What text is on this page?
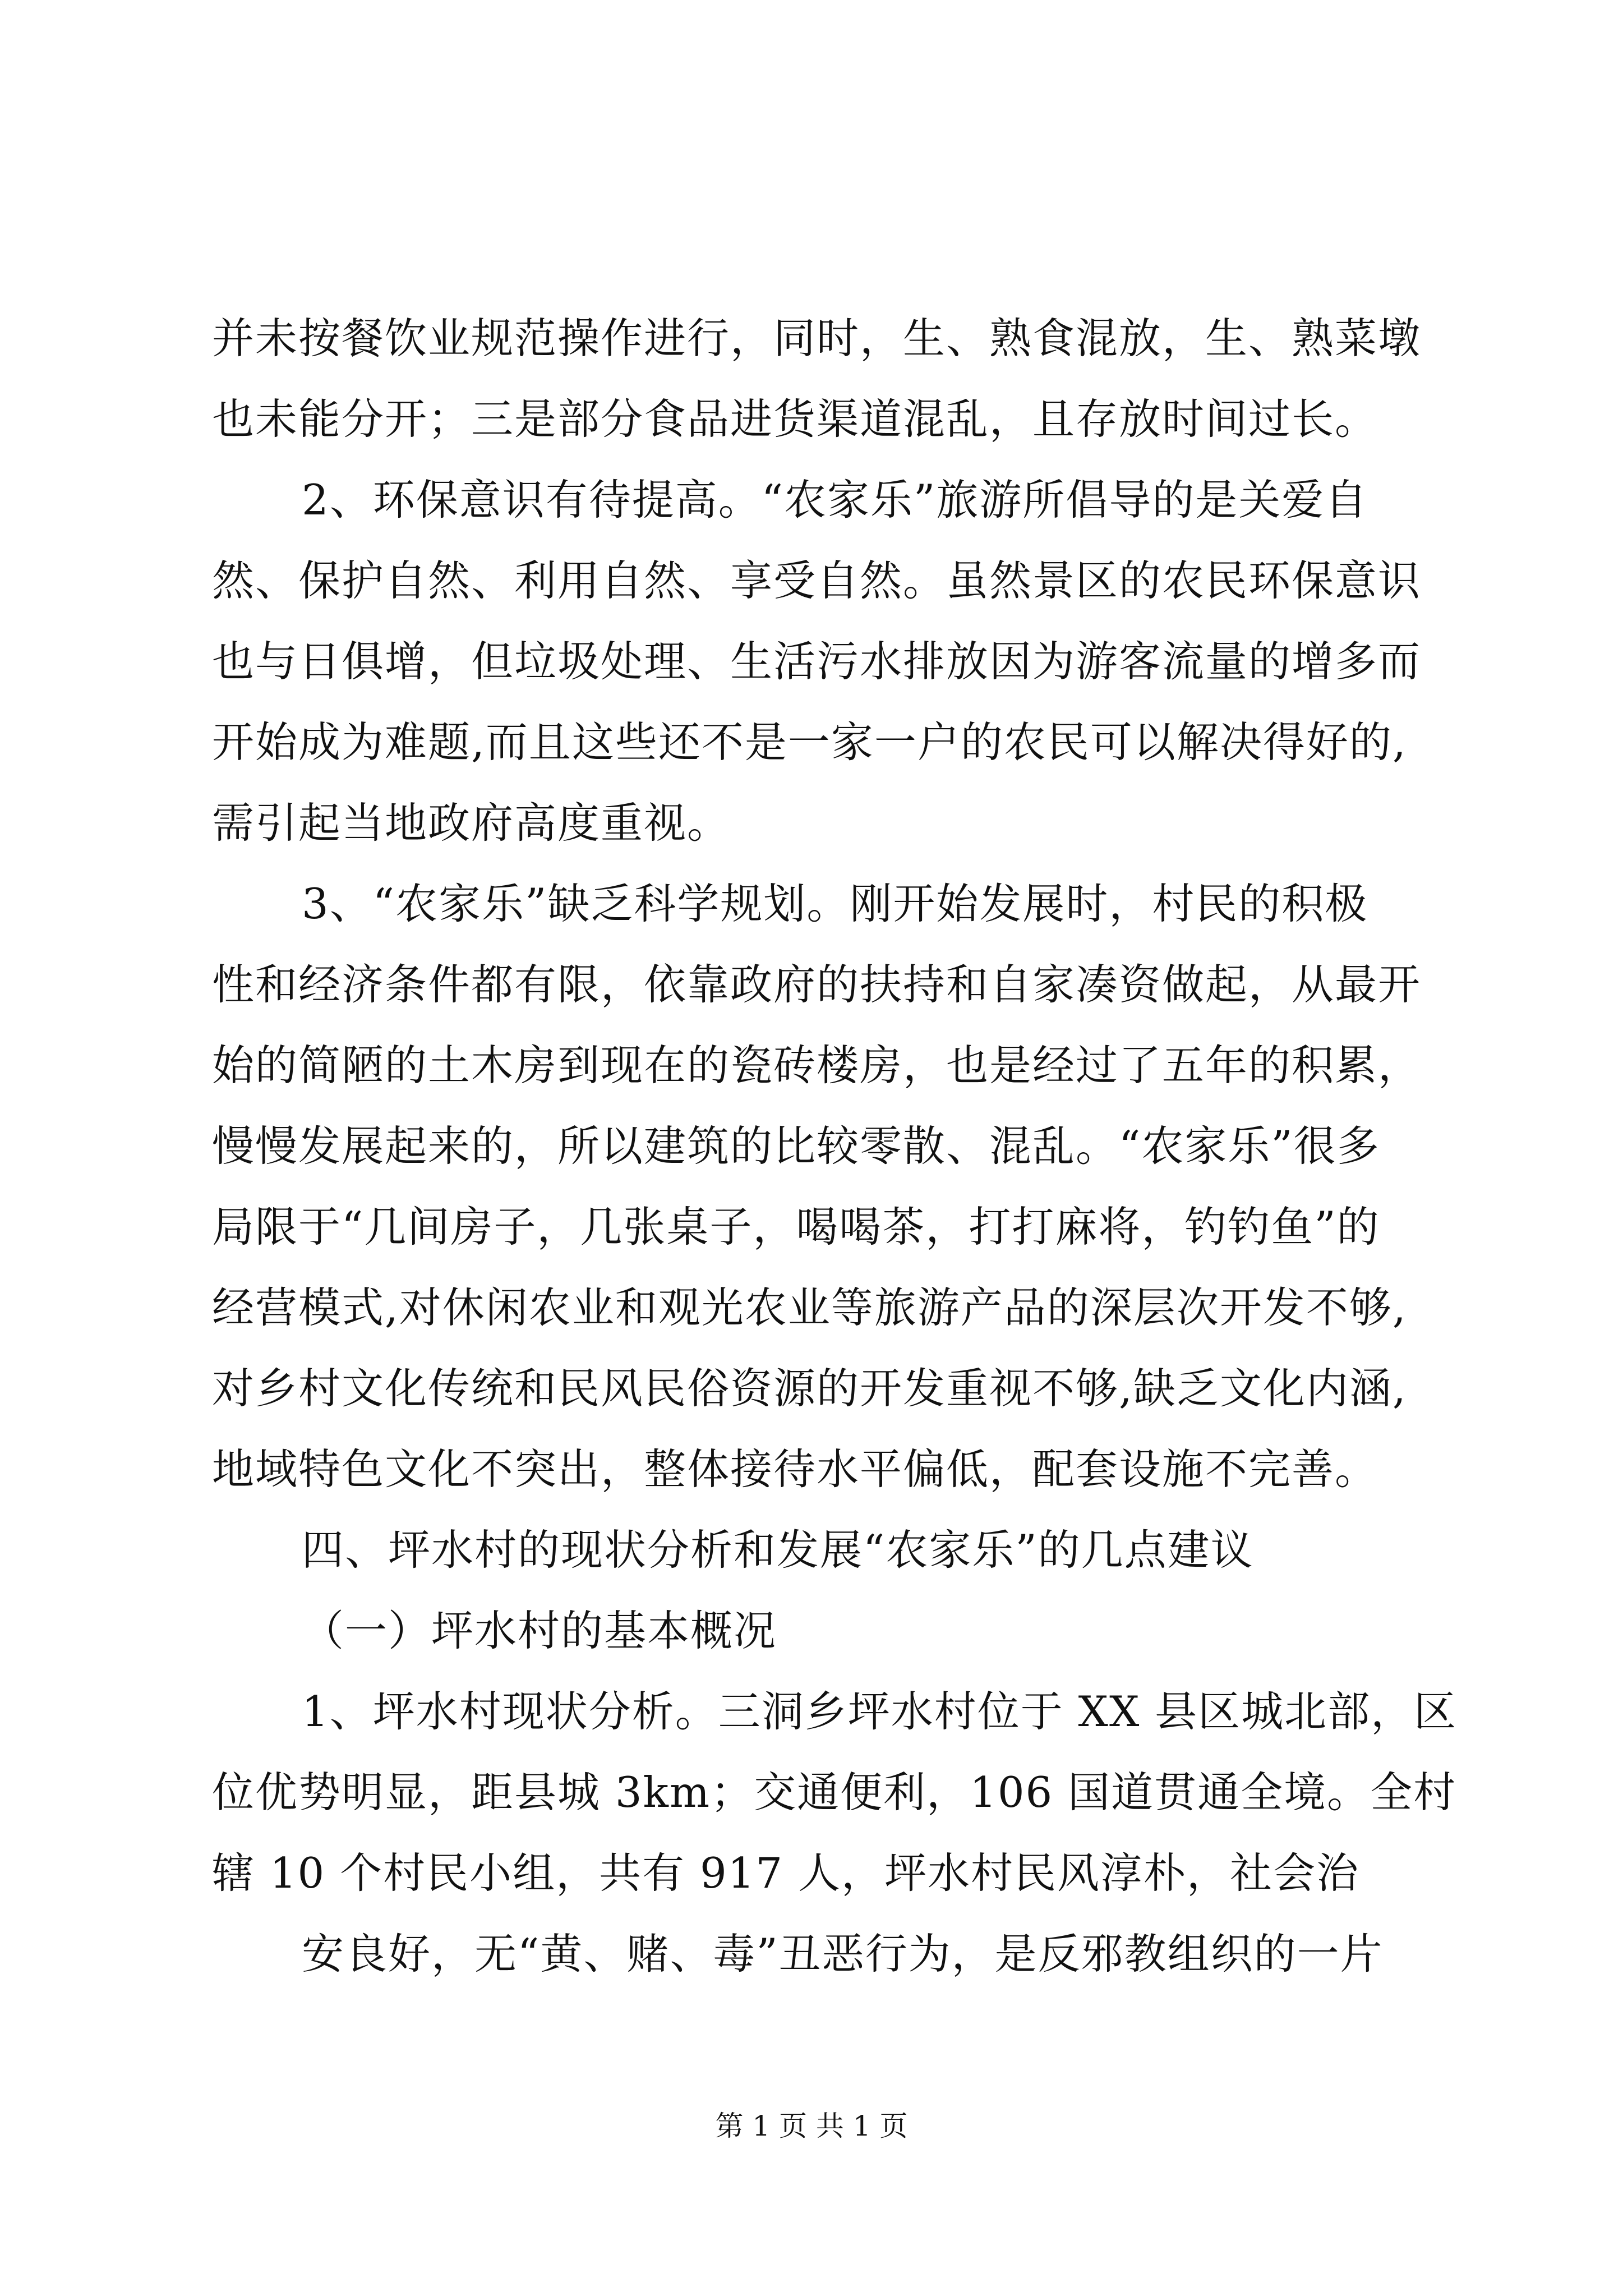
并未按餐饮业规范操作进行，同时，生、熟食混放，生、熟菜墩
也未能分开；三是部分食品进货渠道混乱，且存放时间过长。
2、环保意识有待提高。“农家乐”旅游所倡导的是关爱自
然、保护自然、利用自然、享受自然。虽然景区的农民环保意识
也与日俱增，但垃圾处理、生活污水排放因为游客流量的增多而
开始成为难题,而且这些还不是一家一户的农民可以解决得好的,
需引起当地政府高度重视。
3、“农家乐”缺乏科学规划。刚开始发展时，村民的积极
性和经济条件都有限，依靠政府的扶持和自家凑资做起，从最开
始的简陋的土木房到现在的瓷砖楼房，也是经过了五年的积累，
慢慢发展起来的，所以建筑的比较零散、混乱。“农家乐”很多
局限于“几间房子，几张桌子，喝喝茶，打打麻将，钓钓鱼”的
经营模式,对休闲农业和观光农业等旅游产品的深层次开发不够,
对乡村文化传统和民风民俗资源的开发重视不够,缺乏文化内涵,
地域特色文化不突出，整体接待水平偏低，配套设施不完善。
四、坪水村的现状分析和发展“农家乐”的几点建议
（一）坪水村的基本概况
1、坪水村现状分析。三洞乡坪水村位于 XX 县区城北部，区
位优势明显，距县城 3km；交通便利，106 国道贯通全境。全村
辖 10 个村民小组，共有 917 人，坪水村民风淳朴，社会治
安良好，无“黄、赌、毒”丑恶行为，是反邪教组织的一片
第 1 页 共 1 页
